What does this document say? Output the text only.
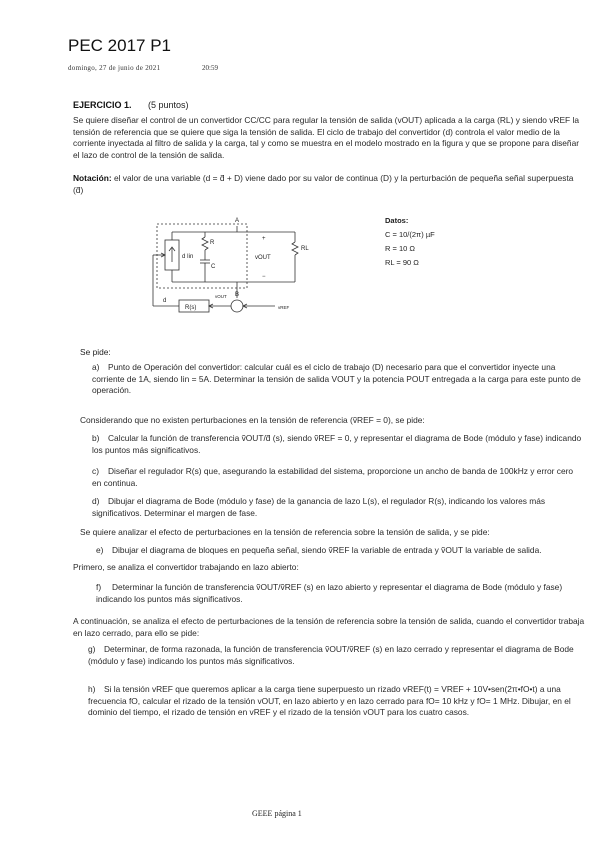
PEC 2017 P1
domingo, 27 de junio de 2021	20:59
EJERCICIO 1. (5 puntos)
Se quiere diseñar el control de un convertidor CC/CC para regular la tensión de salida (vOUT) aplicada a la carga (RL) y siendo vREF la tensión de referencia que se quiere que siga la tensión de salida. El ciclo de trabajo del convertidor (d) controla el valor medio de la corriente inyectada al filtro de salida y la carga, tal y como se muestra en el modelo mostrado en la figura y que se propone para diseñar el lazo de control de la tensión de salida.
Notación: el valor de una variable (d = d̃ + D) viene dado por su valor de continua (D) y la perturbación de pequeña señal superpuesta (d̃)
A
B
R
C
RL
d Iin	vOUT
+
−
d
R(s)
vOUT
vREF
Datos:
C = 10/(2π) µF
R = 10 Ω
RL = 90 Ω
Se pide:
a) Punto de Operación del convertidor: calcular cuál es el ciclo de trabajo (D) necesario para que el convertidor inyecte una corriente de 1A, siendo Iin = 5A. Determinar la tensión de salida VOUT y la potencia POUT entregada a la carga para este punto de operación.
Considerando que no existen perturbaciones en la tensión de referencia (ṽREF = 0), se pide:
b) Calcular la función de transferencia ṽOUT/d̃ (s), siendo ṽREF = 0, y representar el diagrama de Bode (módulo y fase) indicando los puntos más significativos.
c) Diseñar el regulador R(s) que, asegurando la estabilidad del sistema, proporcione un ancho de banda de 100kHz y error cero en continua.
d) Dibujar el diagrama de Bode (módulo y fase) de la ganancia de lazo L(s), el regulador R(s), indicando los valores más significativos. Determinar el margen de fase.
Se quiere analizar el efecto de perturbaciones en la tensión de referencia sobre la tensión de salida, y se pide:
e) Dibujar el diagrama de bloques en pequeña señal, siendo ṽREF la variable de entrada y ṽOUT la variable de salida.
Primero, se analiza el convertidor trabajando en lazo abierto:
f) Determinar la función de transferencia ṽOUT/ṽREF (s) en lazo abierto y representar el diagrama de Bode (módulo y fase) indicando los puntos más significativos.
A continuación, se analiza el efecto de perturbaciones de la tensión de referencia sobre la tensión de salida, cuando el convertidor trabaja en lazo cerrado, para ello se pide:
g) Determinar, de forma razonada, la función de transferencia ṽOUT/ṽREF (s) en lazo cerrado y representar el diagrama de Bode (módulo y fase) indicando los puntos más significativos.
h) Si la tensión vREF que queremos aplicar a la carga tiene superpuesto un rizado vREF(t) = VREF + 10V•sen(2π•fO•t) a una frecuencia fO, calcular el rizado de la tensión vOUT, en lazo abierto y en lazo cerrado para fO= 10 kHz y fO= 1 MHz. Dibujar, en el dominio del tiempo, el rizado de tensión en vREF y el rizado de la tensión vOUT para los cuatro casos.
GEEE página 1
